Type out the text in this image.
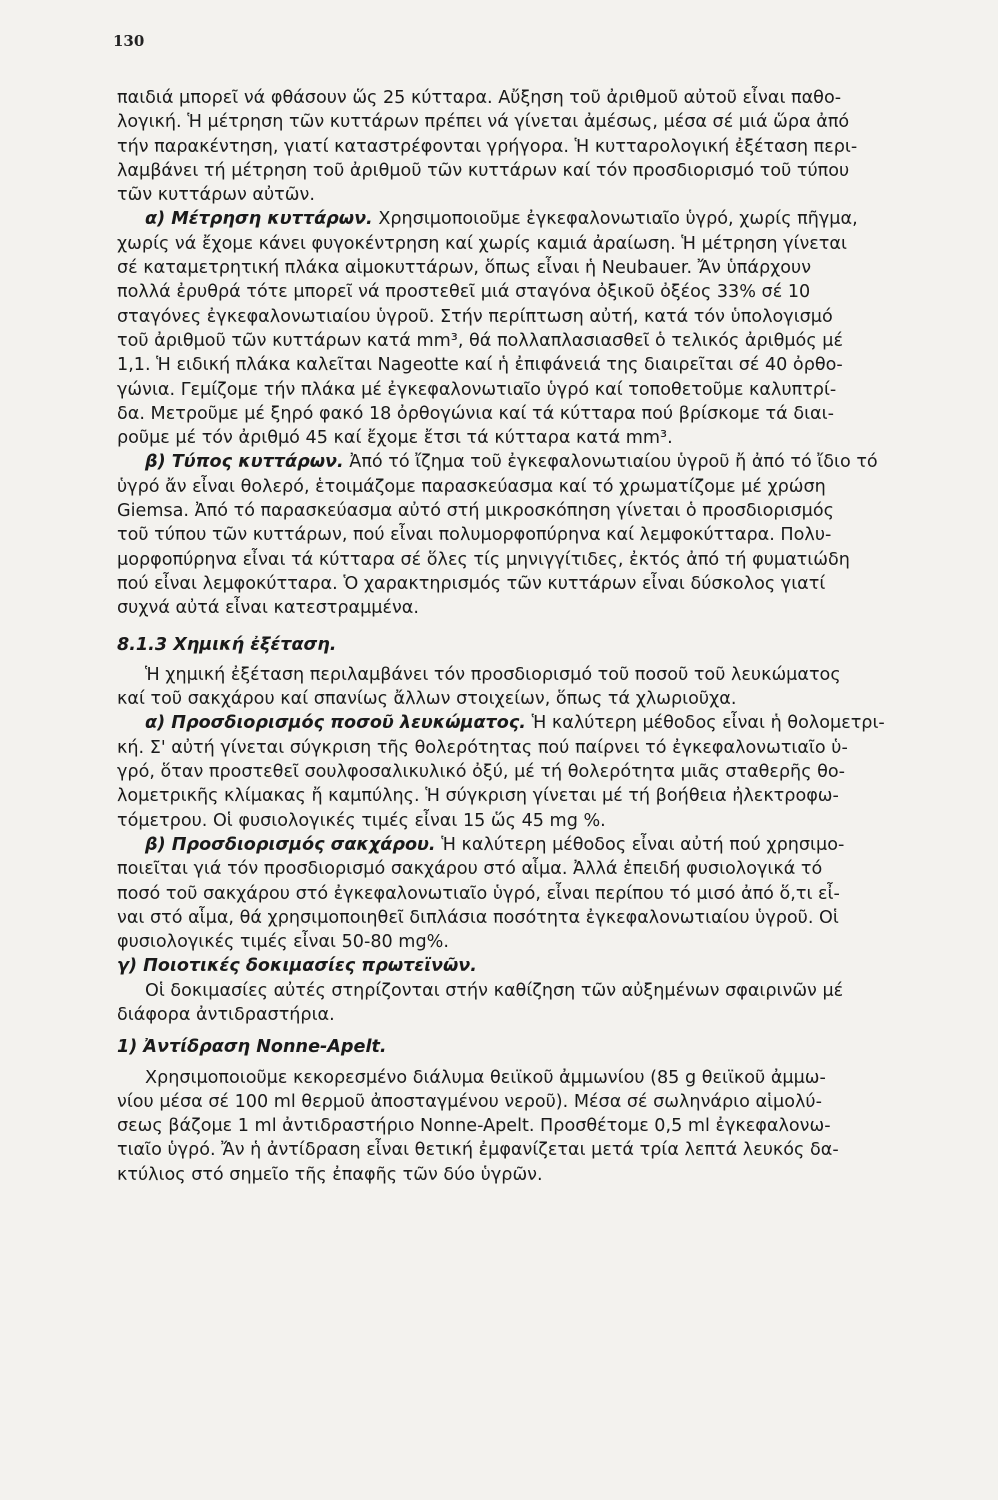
130

παιδιά μπορεῖ νά φθάσουν ὥς 25 κύτταρα. Αὔξηση τοῦ ἀριθμοῦ αὐτοῦ εἶναι παθο-
λογική. Ἡ μέτρηση τῶν κυττάρων πρέπει νά γίνεται ἀμέσως, μέσα σέ μιά ὥρα ἀπό
τήν παρακέντηση, γιατί καταστρέφονται γρήγορα. Ἡ κυτταρολογική ἐξέταση περι-
λαμβάνει τή μέτρηση τοῦ ἀριθμοῦ τῶν κυττάρων καί τόν προσδιορισμό τοῦ τύπου
τῶν κυττάρων αὐτῶν.
α) Μέτρηση κυττάρων. Χρησιμοποιοῦμε ἐγκεφαλονωτιαῖο ὑγρό, χωρίς πῆγμα,
χωρίς νά ἔχομε κάνει φυγοκέντρηση καί χωρίς καμιά ἀραίωση. Ἡ μέτρηση γίνεται
σέ καταμετρητική πλάκα αἱμοκυττάρων, ὅπως εἶναι ἡ Neubauer. Ἄν ὑπάρχουν
πολλά ἐρυθρά τότε μπορεῖ νά προστεθεῖ μιά σταγόνα ὀξικοῦ ὀξέος 33% σέ 10
σταγόνες ἐγκεφαλονωτιαίου ὑγροῦ. Στήν περίπτωση αὐτή, κατά τόν ὑπολογισμό
τοῦ ἀριθμοῦ τῶν κυττάρων κατά mm³, θά πολλαπλασιασθεῖ ὁ τελικός ἀριθμός μέ
1,1. Ἡ ειδική πλάκα καλεῖται Nageotte καί ἡ ἐπιφάνειά της διαιρεῖται σέ 40 ὀρθο-
γώνια. Γεμίζομε τήν πλάκα μέ ἐγκεφαλονωτιαῖο ὑγρό καί τοποθετοῦμε καλυπτρί-
δα. Μετροῦμε μέ ξηρό φακό 18 ὀρθογώνια καί τά κύτταρα πού βρίσκομε τά διαι-
ροῦμε μέ τόν ἀριθμό 45 καί ἔχομε ἔτσι τά κύτταρα κατά mm³.
β) Τύπος κυττάρων. Ἀπό τό ἴζημα τοῦ ἐγκεφαλονωτιαίου ὑγροῦ ἤ ἀπό τό ἴδιο τό
ὑγρό ἄν εἶναι θολερό, ἑτοιμάζομε παρασκεύασμα καί τό χρωματίζομε μέ χρώση
Giemsa. Ἀπό τό παρασκεύασμα αὐτό στή μικροσκόπηση γίνεται ὁ προσδιορισμός
τοῦ τύπου τῶν κυττάρων, πού εἶναι πολυμορφοπύρηνα καί λεμφοκύτταρα. Πολυ-
μορφοπύρηνα εἶναι τά κύτταρα σέ ὅλες τίς μηνιγγίτιδες, ἐκτός ἀπό τή φυματιώδη
πού εἶναι λεμφοκύτταρα. Ὁ χαρακτηρισμός τῶν κυττάρων εἶναι δύσκολος γιατί
συχνά αὐτά εἶναι κατεστραμμένα.
8.1.3 Χημική ἐξέταση.
Ἡ χημική ἐξέταση περιλαμβάνει τόν προσδιορισμό τοῦ ποσοῦ τοῦ λευκώματος
καί τοῦ σακχάρου καί σπανίως ἄλλων στοιχείων, ὅπως τά χλωριοῦχα.
α) Προσδιορισμός ποσοῦ λευκώματος. Ἡ καλύτερη μέθοδος εἶναι ἡ θολομετρι-
κή. Σ' αὐτή γίνεται σύγκριση τῆς θολερότητας πού παίρνει τό ἐγκεφαλονωτιαῖο ὑ-
γρό, ὅταν προστεθεῖ σουλφοσαλικυλικό ὀξύ, μέ τή θολερότητα μιᾶς σταθερῆς θο-
λομετρικῆς κλίμακας ἤ καμπύλης. Ἡ σύγκριση γίνεται μέ τή βοήθεια ἠλεκτροφω-
τόμετρου. Οἱ φυσιολογικές τιμές εἶναι 15 ὥς 45 mg %.
β) Προσδιορισμός σακχάρου. Ἡ καλύτερη μέθοδος εἶναι αὐτή πού χρησιμο-
ποιεῖται γιά τόν προσδιορισμό σακχάρου στό αἷμα. Ἀλλά ἐπειδή φυσιολογικά τό
ποσό τοῦ σακχάρου στό ἐγκεφαλονωτιαῖο ὑγρό, εἶναι περίπου τό μισό ἀπό ὅ,τι εἶ-
ναι στό αἷμα, θά χρησιμοποιηθεῖ διπλάσια ποσότητα ἐγκεφαλονωτιαίου ὑγροῦ. Οἱ
φυσιολογικές τιμές εἶναι 50-80 mg%.
γ) Ποιοτικές δοκιμασίες πρωτεϊνῶν.
Οἱ δοκιμασίες αὐτές στηρίζονται στήν καθίζηση τῶν αὐξημένων σφαιρινῶν μέ
διάφορα ἀντιδραστήρια.
1) Ἀντίδραση Nonne-Apelt.
Χρησιμοποιοῦμε κεκορεσμένο διάλυμα θειϊκοῦ ἀμμωνίου (85 g θειϊκοῦ ἀμμω-
νίου μέσα σέ 100 ml θερμοῦ ἀποσταγμένου νεροῦ). Μέσα σέ σωληνάριο αἱμολύ-
σεως βάζομε 1 ml ἀντιδραστήριο Nonne-Apelt. Προσθέτομε 0,5 ml ἐγκεφαλονω-
τιαῖο ὑγρό. Ἄν ἡ ἀντίδραση εἶναι θετική ἐμφανίζεται μετά τρία λεπτά λευκός δα-
κτύλιος στό σημεῖο τῆς ἐπαφῆς τῶν δύο ὑγρῶν.
